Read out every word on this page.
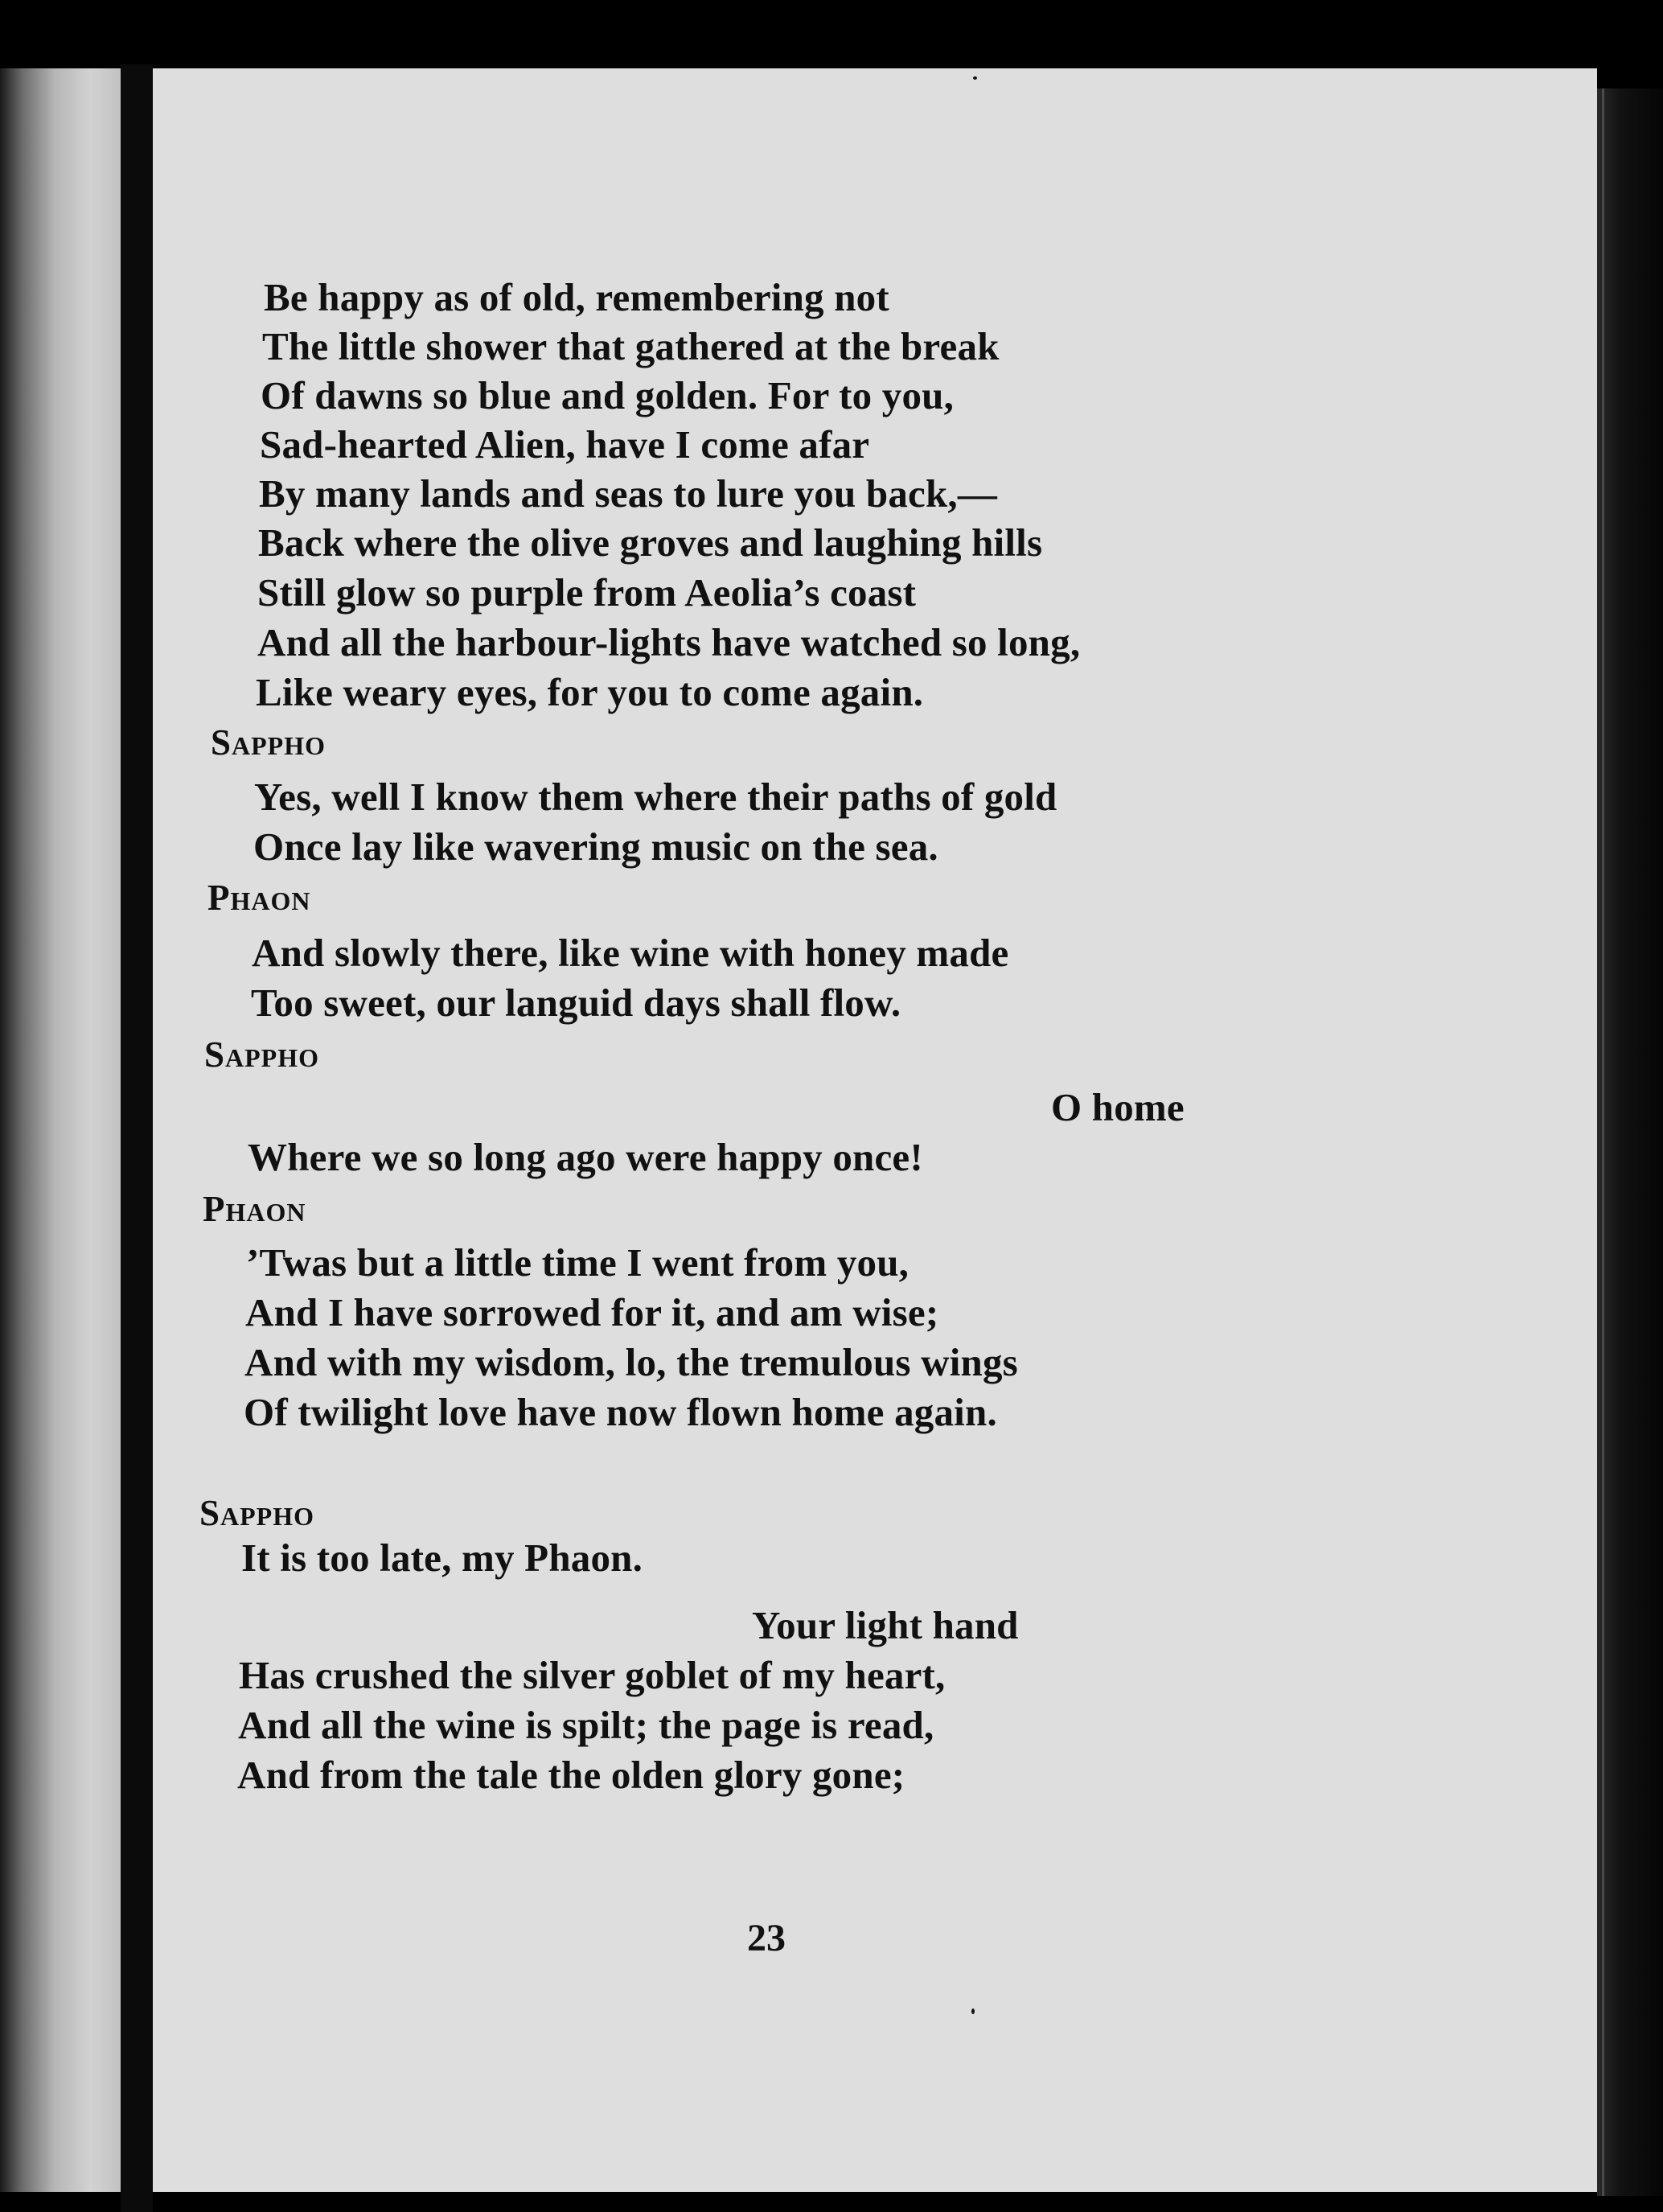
Be happy as of old, remembering not
The little shower that gathered at the break
Of dawns so blue and golden. For to you,
Sad-hearted Alien, have I come afar
By many lands and seas to lure you back,—
Back where the olive groves and laughing hills
Still glow so purple from Aeolia’s coast
And all the harbour-lights have watched so long,
Like weary eyes, for you to come again.
Sappho
Yes, well I know them where their paths of gold
Once lay like wavering music on the sea.
Phaon
And slowly there, like wine with honey made
Too sweet, our languid days shall flow.
Sappho
O home
Where we so long ago were happy once!
Phaon
’Twas but a little time I went from you,
And I have sorrowed for it, and am wise;
And with my wisdom, lo, the tremulous wings
Of twilight love have now flown home again.
Sappho
It is too late, my Phaon.
Your light hand
Has crushed the silver goblet of my heart,
And all the wine is spilt; the page is read,
And from the tale the olden glory gone;
23
